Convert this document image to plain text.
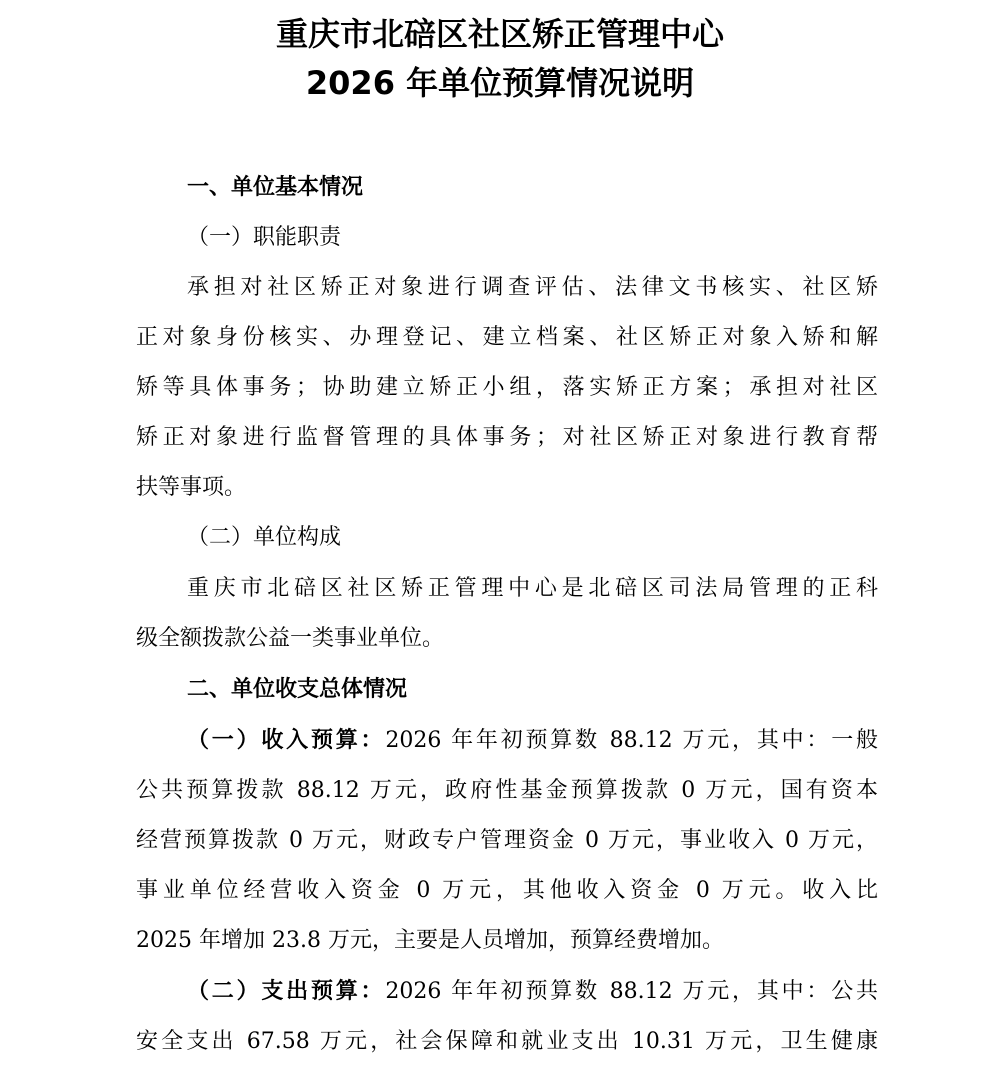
重庆市北碚区社区矫正管理中心
2026 年单位预算情况说明
一、单位基本情况
（一）职能职责
承担对社区矫正对象进行调查评估、法律文书核实、社区矫
正对象身份核实、办理登记、建立档案、社区矫正对象入矫和解
矫等具体事务；协助建立矫正小组，落实矫正方案；承担对社区
矫正对象进行监督管理的具体事务；对社区矫正对象进行教育帮
扶等事项。
（二）单位构成
重庆市北碚区社区矫正管理中心是北碚区司法局管理的正科
级全额拨款公益一类事业单位。
二、单位收支总体情况
（一）收入预算：2026 年年初预算数 88.12 万元，其中：一般
公共预算拨款 88.12 万元，政府性基金预算拨款 0 万元，国有资本
经营预算拨款 0 万元，财政专户管理资金 0 万元，事业收入 0 万元，
事业单位经营收入资金 0 万元，其他收入资金 0 万元。收入比
2025 年增加 23.8 万元，主要是人员增加，预算经费增加。
（二）支出预算：2026 年年初预算数 88.12 万元，其中：公共
安全支出 67.58 万元，社会保障和就业支出 10.31 万元，卫生健康
